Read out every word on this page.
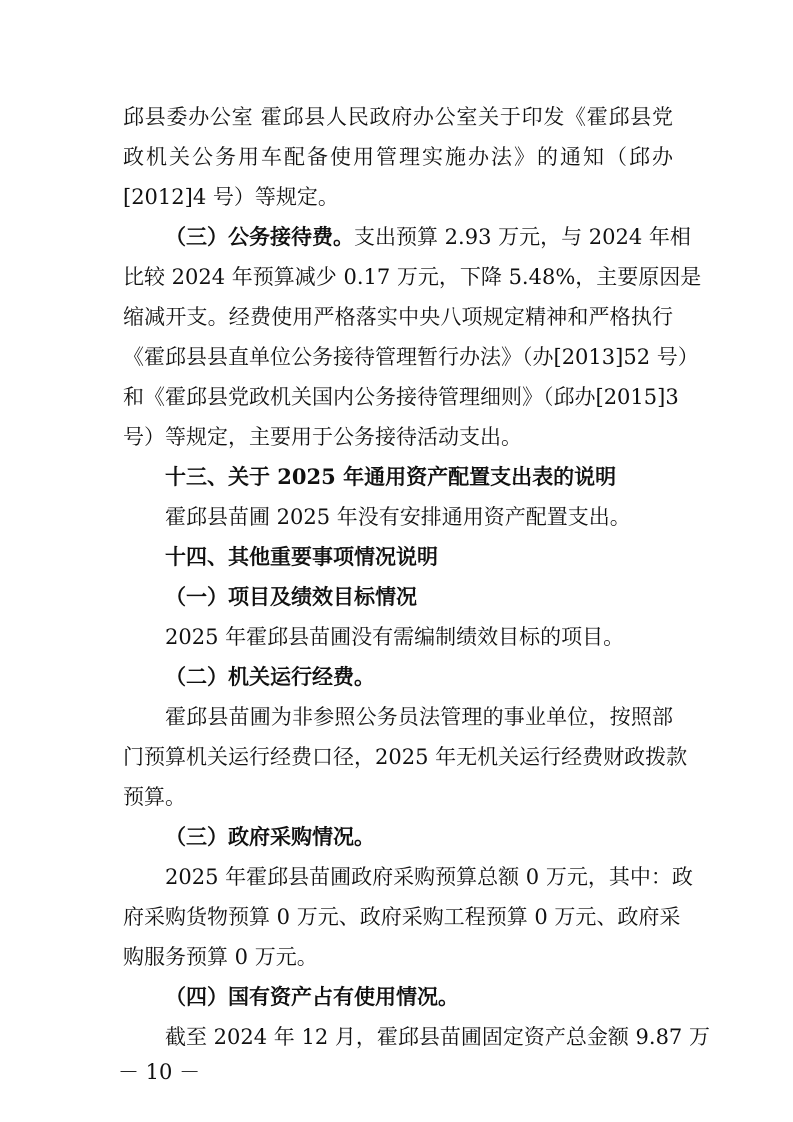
邱县委办公室 霍邱县人民政府办公室关于印发《霍邱县党

政机关公务用车配备使用管理实施办法》的通知（邱办

[2012]4 号）等规定。

（三）公务接待费。支出预算 2.93 万元，与 2024 年相

比较 2024 年预算减少 0.17 万元，下降 5.48%，主要原因是

缩减开支。经费使用严格落实中央八项规定精神和严格执行

《霍邱县县直单位公务接待管理暂行办法》（办[2013]52 号）

和《霍邱县党政机关国内公务接待管理细则》（邱办[2015]3

号）等规定，主要用于公务接待活动支出。

十三、关于 2025 年通用资产配置支出表的说明

霍邱县苗圃 2025 年没有安排通用资产配置支出。

十四、其他重要事项情况说明

（一）项目及绩效目标情况

2025 年霍邱县苗圃没有需编制绩效目标的项目。

（二）机关运行经费。

霍邱县苗圃为非参照公务员法管理的事业单位，按照部

门预算机关运行经费口径，2025 年无机关运行经费财政拨款

预算。

（三）政府采购情况。

2025 年霍邱县苗圃政府采购预算总额 0 万元，其中：政

府采购货物预算 0 万元、政府采购工程预算 0 万元、政府采

购服务预算 0 万元。

（四）国有资产占有使用情况。

截至 2024 年 12 月，霍邱县苗圃固定资产总金额 9.87 万

－ 10 －
